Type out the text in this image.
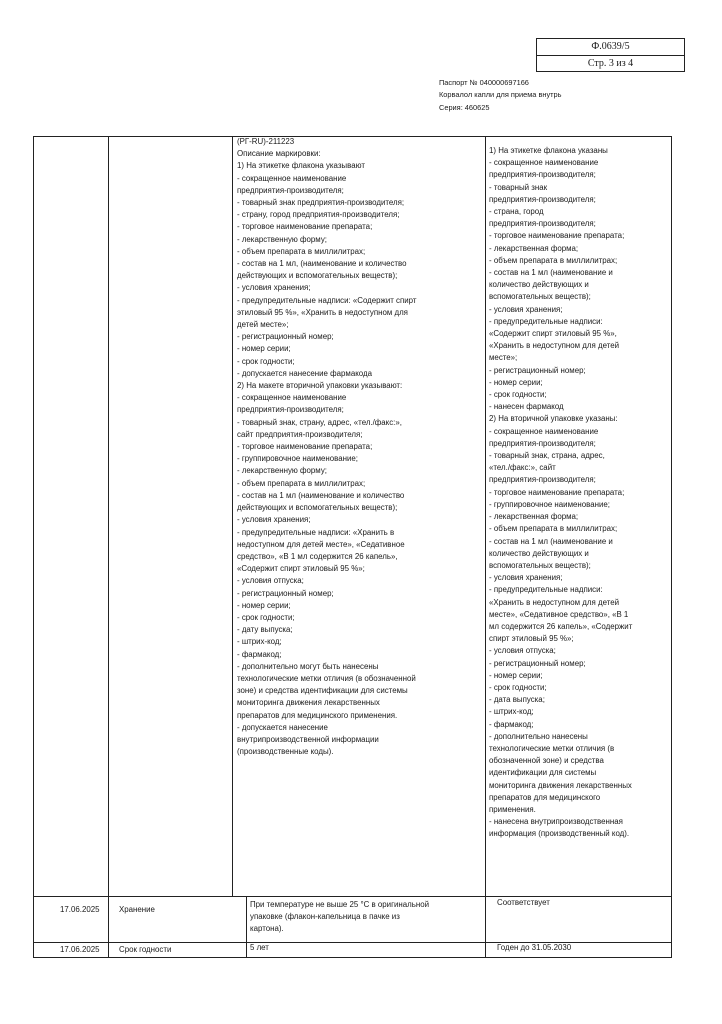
Ф.0639/5
Стр. 3 из 4
Паспорт № 040000697166
Корвалол капли для приема внутрь
Серия: 460625
(РГ-RU)-211223
Описание маркировки:
1) На этикетке флакона указывают
- сокращенное наименование
предприятия-производителя;
- товарный знак предприятия-производителя;
- страну, город предприятия-производителя;
- торговое наименование препарата;
- лекарственную форму;
- объем препарата в миллилитрах;
- состав на 1 мл, (наименование и количество
действующих и вспомогательных веществ);
- условия хранения;
- предупредительные надписи: «Содержит спирт
этиловый 95 %», «Хранить в недоступном для
детей месте»;
- регистрационный номер;
- номер серии;
- срок годности;
- допускается нанесение фармакода
2) На макете вторичной упаковки указывают:
- сокращенное наименование
предприятия-производителя;
- товарный знак, страну, адрес, «тел./факс:»,
сайт предприятия-производителя;
- торговое наименование препарата;
- группировочное наименование;
- лекарственную форму;
- объем препарата в миллилитрах;
- состав на 1 мл (наименование и количество
действующих и вспомогательных веществ);
- условия хранения;
- предупредительные надписи: «Хранить в
недоступном для детей месте», «Седативное
средство», «В 1 мл содержится 26 капель»,
«Содержит спирт этиловый 95 %»;
- условия отпуска;
- регистрационный номер;
- номер серии;
- срок годности;
- дату выпуска;
- штрих-код;
- фармакод;
- дополнительно могут быть нанесены
технологические метки отличия (в обозначенной
зоне) и средства идентификации для системы
мониторинга движения лекарственных
препаратов для медицинского применения.
- допускается нанесение
внутрипроизводственной информации
(производственные коды).
1) На этикетке флакона указаны
- сокращенное наименование
предприятия-производителя;
- товарный знак
предприятия-производителя;
- страна, город
предприятия-производителя;
- торговое наименование препарата;
- лекарственная форма;
- объем препарата в миллилитрах;
- состав на 1 мл (наименование и
количество действующих и
вспомогательных веществ);
- условия хранения;
- предупредительные надписи:
«Содержит спирт этиловый 95 %»,
«Хранить в недоступном для детей
месте»;
- регистрационный номер;
- номер серии;
- срок годности;
- нанесен фармакод
2) На вторичной упаковке указаны:
- сокращенное наименование
предприятия-производителя;
- товарный знак, страна, адрес,
«тел./факс:», сайт
предприятия-производителя;
- торговое наименование препарата;
- группировочное наименование;
- лекарственная форма;
- объем препарата в миллилитрах;
- состав на 1 мл (наименование и
количество действующих и
вспомогательных веществ);
- условия хранения;
- предупредительные надписи:
«Хранить в недоступном для детей
месте», «Седативное средство», «В 1
мл содержится 26 капель», «Содержит
спирт этиловый 95 %»;
- условия отпуска;
- регистрационный номер;
- номер серии;
- срок годности;
- дата выпуска;
- штрих-код;
- фармакод;
- дополнительно нанесены
технологические метки отличия (в
обозначенной зоне) и средства
идентификации для системы
мониторинга движения лекарственных
препаратов для медицинского
применения.
- нанесена внутрипроизводственная
информация (производственный код).
17.06.2025 Хранение
При температуре не выше 25 °С в оригинальной
упаковке (флакон-капельница в пачке из
картона).
Соответствует
17.06.2025 Срок годности	5 лет	Годен до 31.05.2030
